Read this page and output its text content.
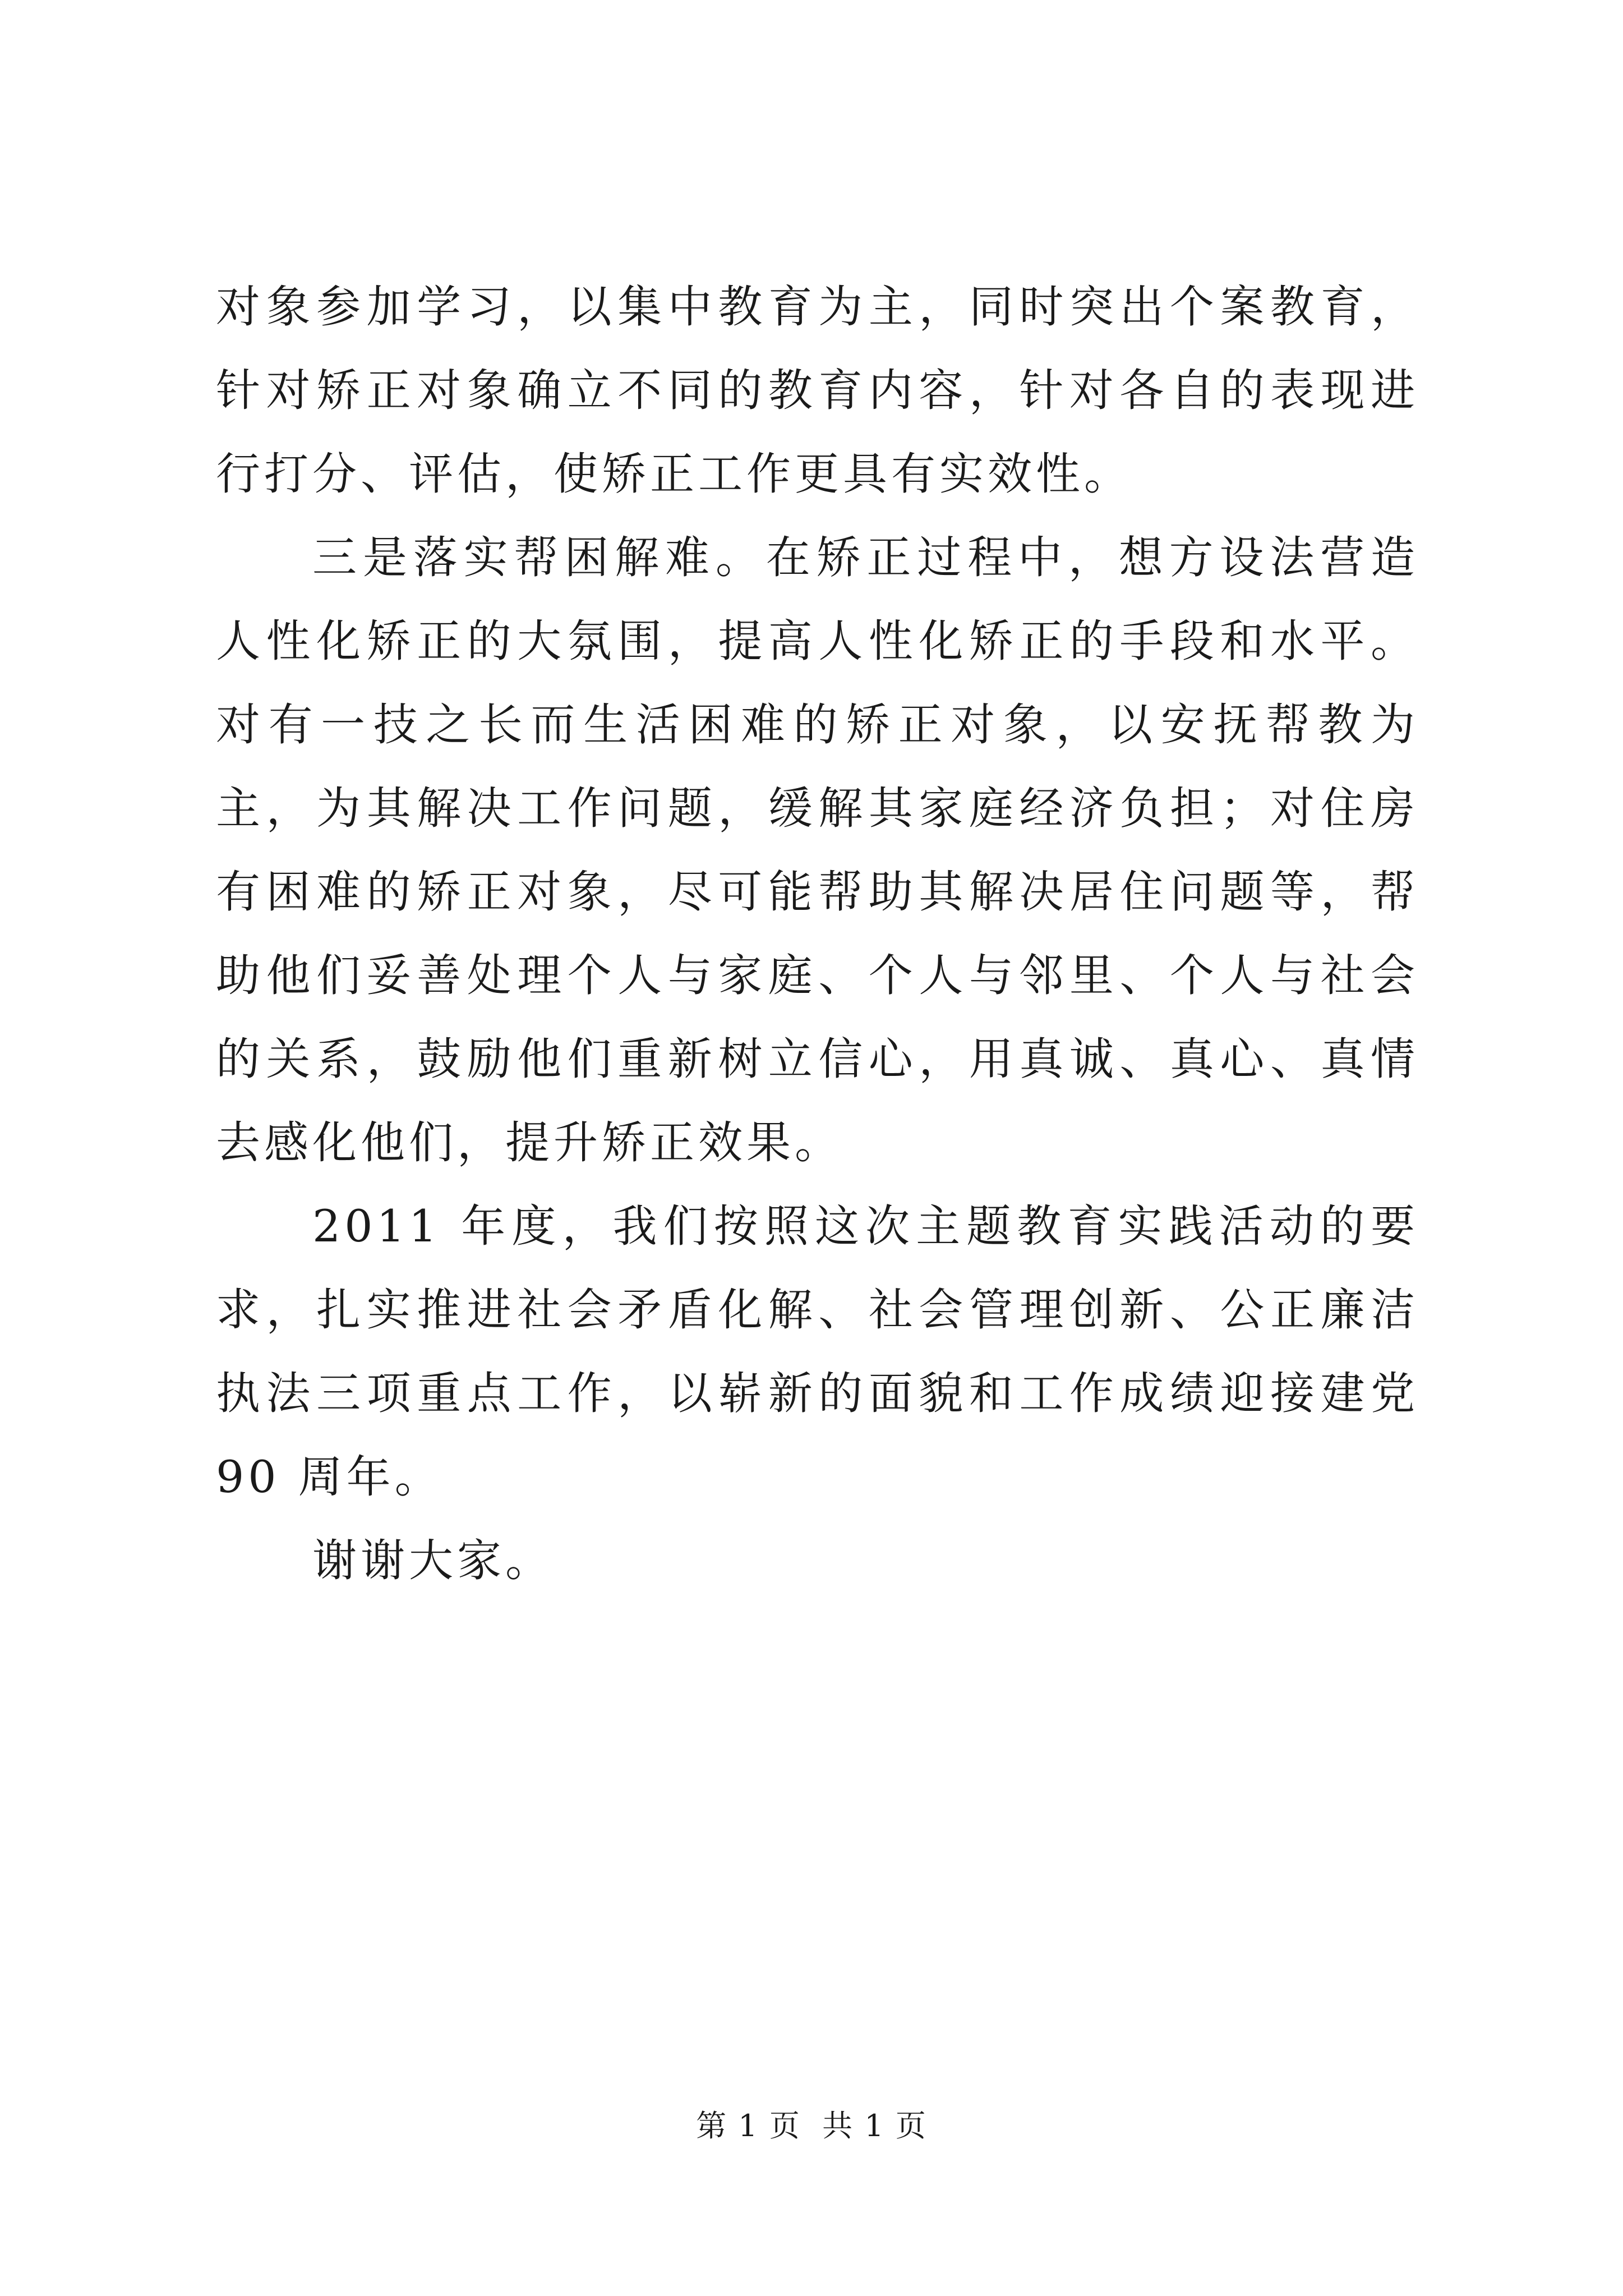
对象参加学习，以集中教育为主，同时突出个案教育，针对矫正对象确立不同的教育内容，针对各自的表现进行打分、评估，使矫正工作更具有实效性。

三是落实帮困解难。在矫正过程中，想方设法营造人性化矫正的大氛围，提高人性化矫正的手段和水平。对有一技之长而生活困难的矫正对象，以安抚帮教为主，为其解决工作问题，缓解其家庭经济负担；对住房有困难的矫正对象，尽可能帮助其解决居住问题等，帮助他们妥善处理个人与家庭、个人与邻里、个人与社会的关系，鼓励他们重新树立信心，用真诚、真心、真情去感化他们，提升矫正效果。

2011 年度，我们按照这次主题教育实践活动的要求，扎实推进社会矛盾化解、社会管理创新、公正廉洁执法三项重点工作，以崭新的面貌和工作成绩迎接建党 90 周年。

谢谢大家。

第 1 页  共 1 页
